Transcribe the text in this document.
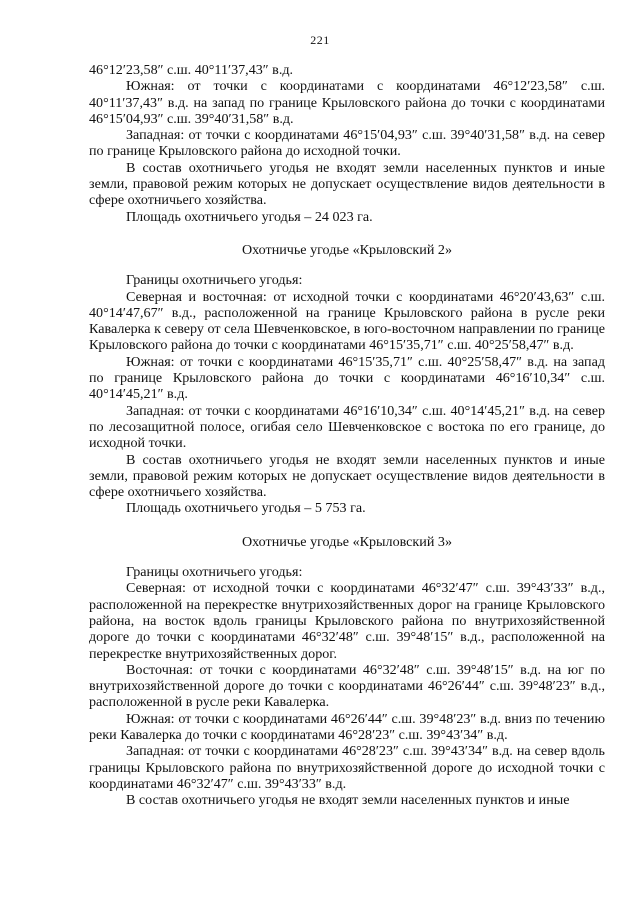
221

46°12′23,58″ с.ш. 40°11′37,43″ в.д.

Южная: от точки с координатами с координатами 46°12′23,58″ с.ш. 40°11′37,43″ в.д. на запад по границе Крыловского района до точки с координатами 46°15′04,93″ с.ш. 39°40′31,58″ в.д.

Западная: от точки с координатами 46°15′04,93″ с.ш. 39°40′31,58″ в.д. на север по границе Крыловского района до исходной точки.

В состав охотничьего угодья не входят земли населенных пунктов и иные земли, правовой режим которых не допускает осуществление видов деятельности в сфере охотничьего хозяйства.

Площадь охотничьего угодья – 24 023 га.

Охотничье угодье «Крыловский 2»

Границы охотничьего угодья:

Северная и восточная: от исходной точки с координатами 46°20′43,63″ с.ш. 40°14′47,67″ в.д., расположенной на границе Крыловского района в русле реки Кавалерка к северу от села Шевченковское, в юго-восточном направлении по границе Крыловского района до точки с координатами 46°15′35,71″ с.ш. 40°25′58,47″ в.д.

Южная: от точки с координатами 46°15′35,71″ с.ш. 40°25′58,47″ в.д. на запад по границе Крыловского района до точки с координатами 46°16′10,34″ с.ш. 40°14′45,21″ в.д.

Западная: от точки с координатами 46°16′10,34″ с.ш. 40°14′45,21″ в.д. на север по лесозащитной полосе, огибая село Шевченковское с востока по его границе, до исходной точки.

В состав охотничьего угодья не входят земли населенных пунктов и иные земли, правовой режим которых не допускает осуществление видов деятельности в сфере охотничьего хозяйства.

Площадь охотничьего угодья – 5 753 га.

Охотничье угодье «Крыловский 3»

Границы охотничьего угодья:

Северная: от исходной точки с координатами 46°32′47″ с.ш. 39°43′33″ в.д., расположенной на перекрестке внутрихозяйственных дорог на границе Крыловского района, на восток вдоль границы Крыловского района по внутрихозяйственной дороге до точки с координатами 46°32′48″ с.ш. 39°48′15″ в.д., расположенной на перекрестке внутрихозяйственных дорог.

Восточная: от точки с координатами 46°32′48″ с.ш. 39°48′15″ в.д. на юг по внутрихозяйственной дороге до точки с координатами 46°26′44″ с.ш. 39°48′23″ в.д., расположенной в русле реки Кавалерка.

Южная: от точки с координатами 46°26′44″ с.ш. 39°48′23″ в.д. вниз по течению реки Кавалерка до точки с координатами 46°28′23″ с.ш. 39°43′34″ в.д.

Западная: от точки с координатами 46°28′23″ с.ш. 39°43′34″ в.д. на север вдоль границы Крыловского района по внутрихозяйственной дороге до исходной точки с координатами 46°32′47″ с.ш. 39°43′33″ в.д.

В состав охотничьего угодья не входят земли населенных пунктов и иные
